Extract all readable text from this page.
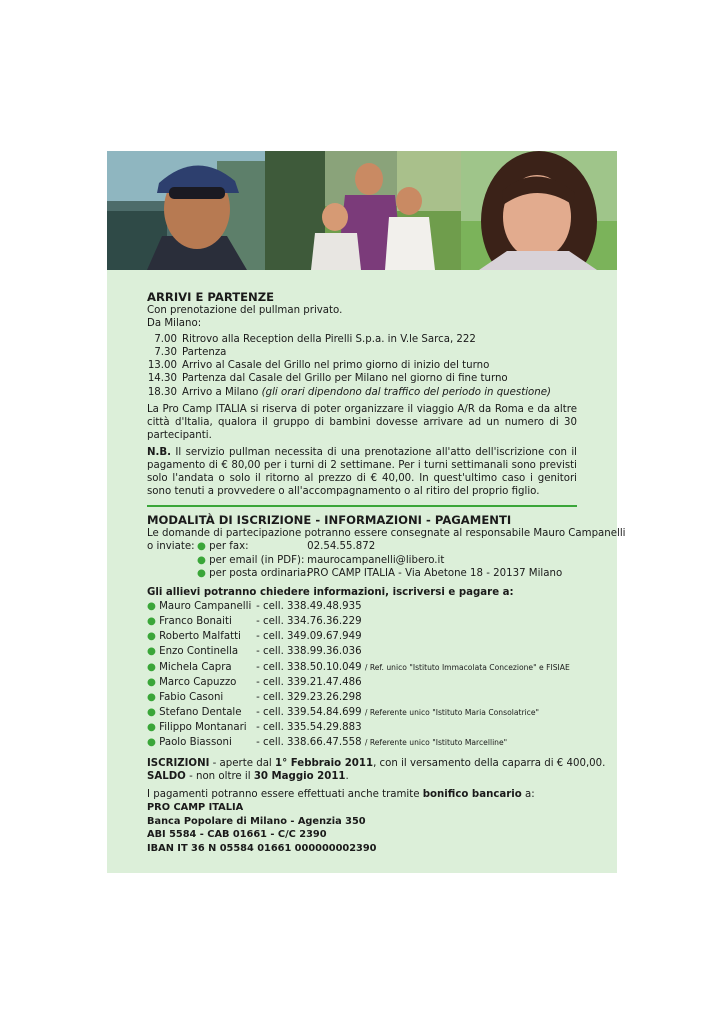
ARRIVI E PARTENZE
Con prenotazione del pullman privato.
Da Milano:
7.00 Ritrovo alla Reception della Pirelli S.p.a. in V.le Sarca, 222
7.30 Partenza
13.00 Arrivo al Casale del Grillo nel primo giorno di inizio del turno
14.30 Partenza dal Casale del Grillo per Milano nel giorno di fine turno
18.30 Arrivo a Milano (gli orari dipendono dal traffico del periodo in questione)
La Pro Camp ITALIA si riserva di poter organizzare il viaggio A/R da Roma e da altre città d'Italia, qualora il gruppo di bambini dovesse arrivare ad un numero di 30 partecipanti.
N.B. Il servizio pullman necessita di una prenotazione all'atto dell'iscrizione con il pagamento di € 80,00 per i turni di 2 settimane. Per i turni settimanali sono previsti solo l'andata o solo il ritorno al prezzo di € 40,00. In quest'ultimo caso i genitori sono tenuti a provvedere o all'accompagnamento o al ritiro del proprio figlio.
MODALITÀ DI ISCRIZIONE - INFORMAZIONI - PAGAMENTI
Le domande di partecipazione potranno essere consegnate al responsabile Mauro Campanelli
o inviate: ● per fax:	02.54.55.872
● per email (in PDF): maurocampanelli@libero.it
● per posta ordinaria:PRO CAMP ITALIA - Via Abetone 18 - 20137 Milano
Gli allievi potranno chiedere informazioni, iscriversi e pagare a:
● Mauro Campanelli - cell. 338.49.48.935
● Franco Bonaiti - cell. 334.76.36.229
● Roberto Malfatti - cell. 349.09.67.949
● Enzo Continella - cell. 338.99.36.036
● Michela Capra - cell. 338.50.10.049 / Ref. unico "Istituto Immacolata Concezione" e FISIAE
● Marco Capuzzo - cell. 339.21.47.486
● Fabio Casoni	- cell. 329.23.26.298
● Stefano Dentale - cell. 339.54.84.699 / Referente unico "Istituto Maria Consolatrice"
● Filippo Montanari - cell. 335.54.29.883
● Paolo Biassoni - cell. 338.66.47.558 / Referente unico "Istituto Marcelline"
ISCRIZIONI - aperte dal 1° Febbraio 2011, con il versamento della caparra di € 400,00.
SALDO - non oltre il 30 Maggio 2011.
I pagamenti potranno essere effettuati anche tramite bonifico bancario a:
PRO CAMP ITALIA
Banca Popolare di Milano - Agenzia 350
ABI 5584 - CAB 01661 - C/C 2390
IBAN IT 36 N 05584 01661 000000002390
